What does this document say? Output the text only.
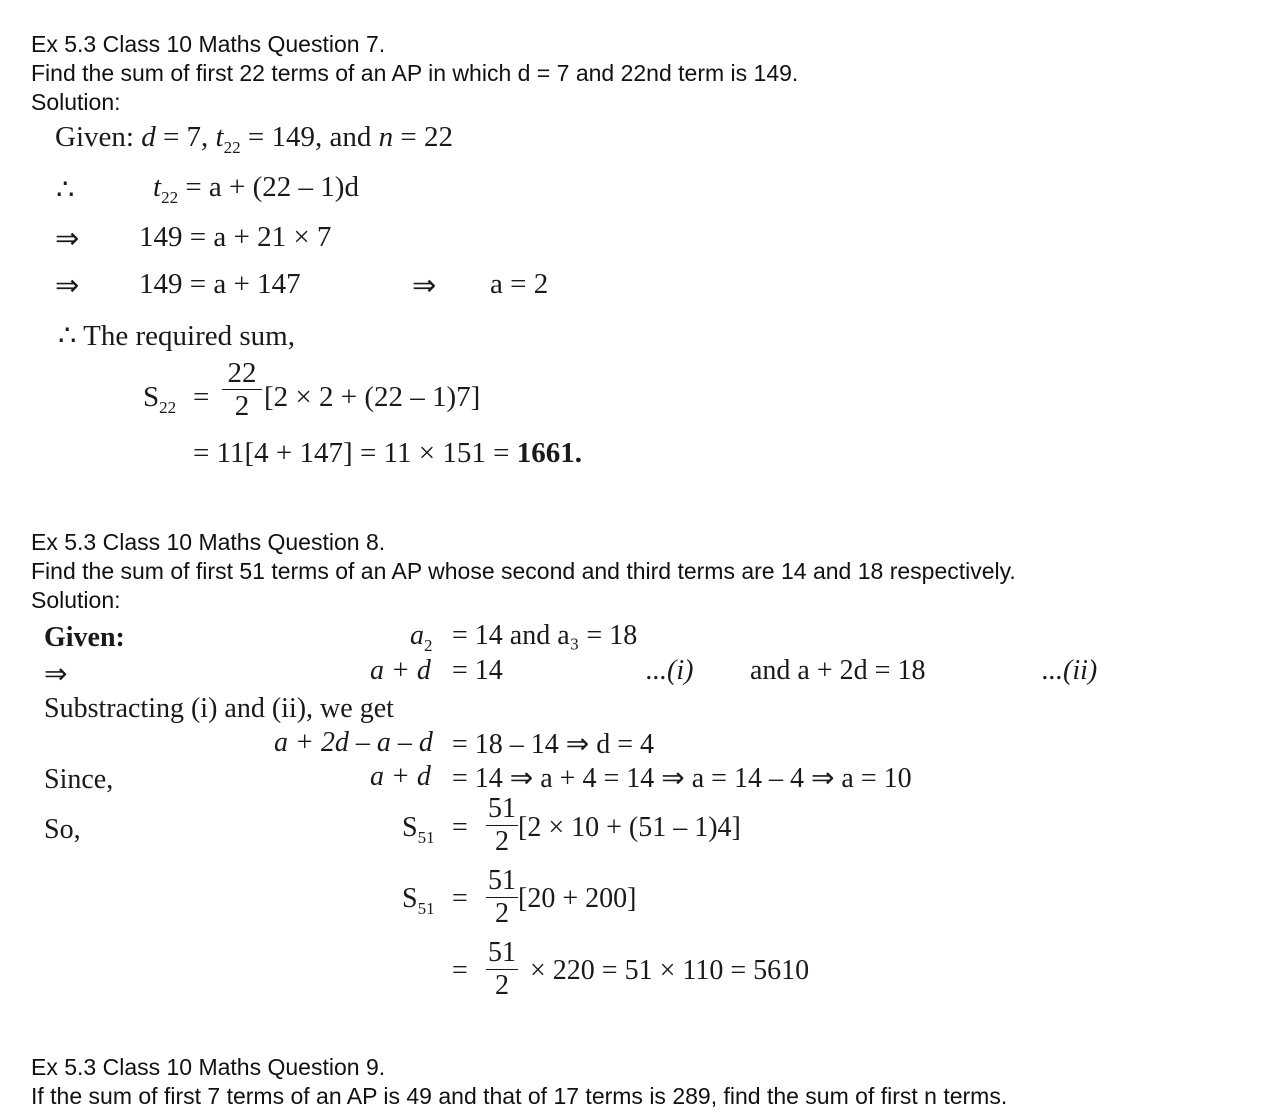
Ex 5.3 Class 10 Maths Question 7.
Find the sum of first 22 terms of an AP in which d = 7 and 22nd term is 149.
Solution:
Given: d = 7, $t_{22} = 149$, and n = 22
∴	$t_{22} = a + (22 - 1)d$
⇒ 149 = a + 21 × 7
⇒ 149 = a + 147	⇒ a = 2
∴ The required sum,
$S_{22}$ =
22
2 [2 × 2 + (22 – 1)7]
= 11[4 + 147] = 11 × 151 = 1661.
Ex 5.3 Class 10 Maths Question 8.
Find the sum of first 51 terms of an AP whose second and third terms are 14 and 18 respectively.
Solution:
Given:	$a_2 = 14$ and a₃ = 18
⇒	a + d = 14	...(i) and a + 2d = 18	...(ii)
Substracting (i) and (ii), we get
a + 2d – a – d = 18 – 14 ⇒ d = 4
Since,	a + d = 14 ⇒ a + 4 = 14 ⇒ a = 14 – 4 ⇒ a = 10
So,	$S_{51}$ =
51
2 [2 × 10 + (51 – 1)4]
$S_{51}$ =
51
2 [20 + 200]
=
51
2 × 220 = 51 × 110 = 5610
Ex 5.3 Class 10 Maths Question 9.
If the sum of first 7 terms of an AP is 49 and that of 17 terms is 289, find the sum of first n terms.
